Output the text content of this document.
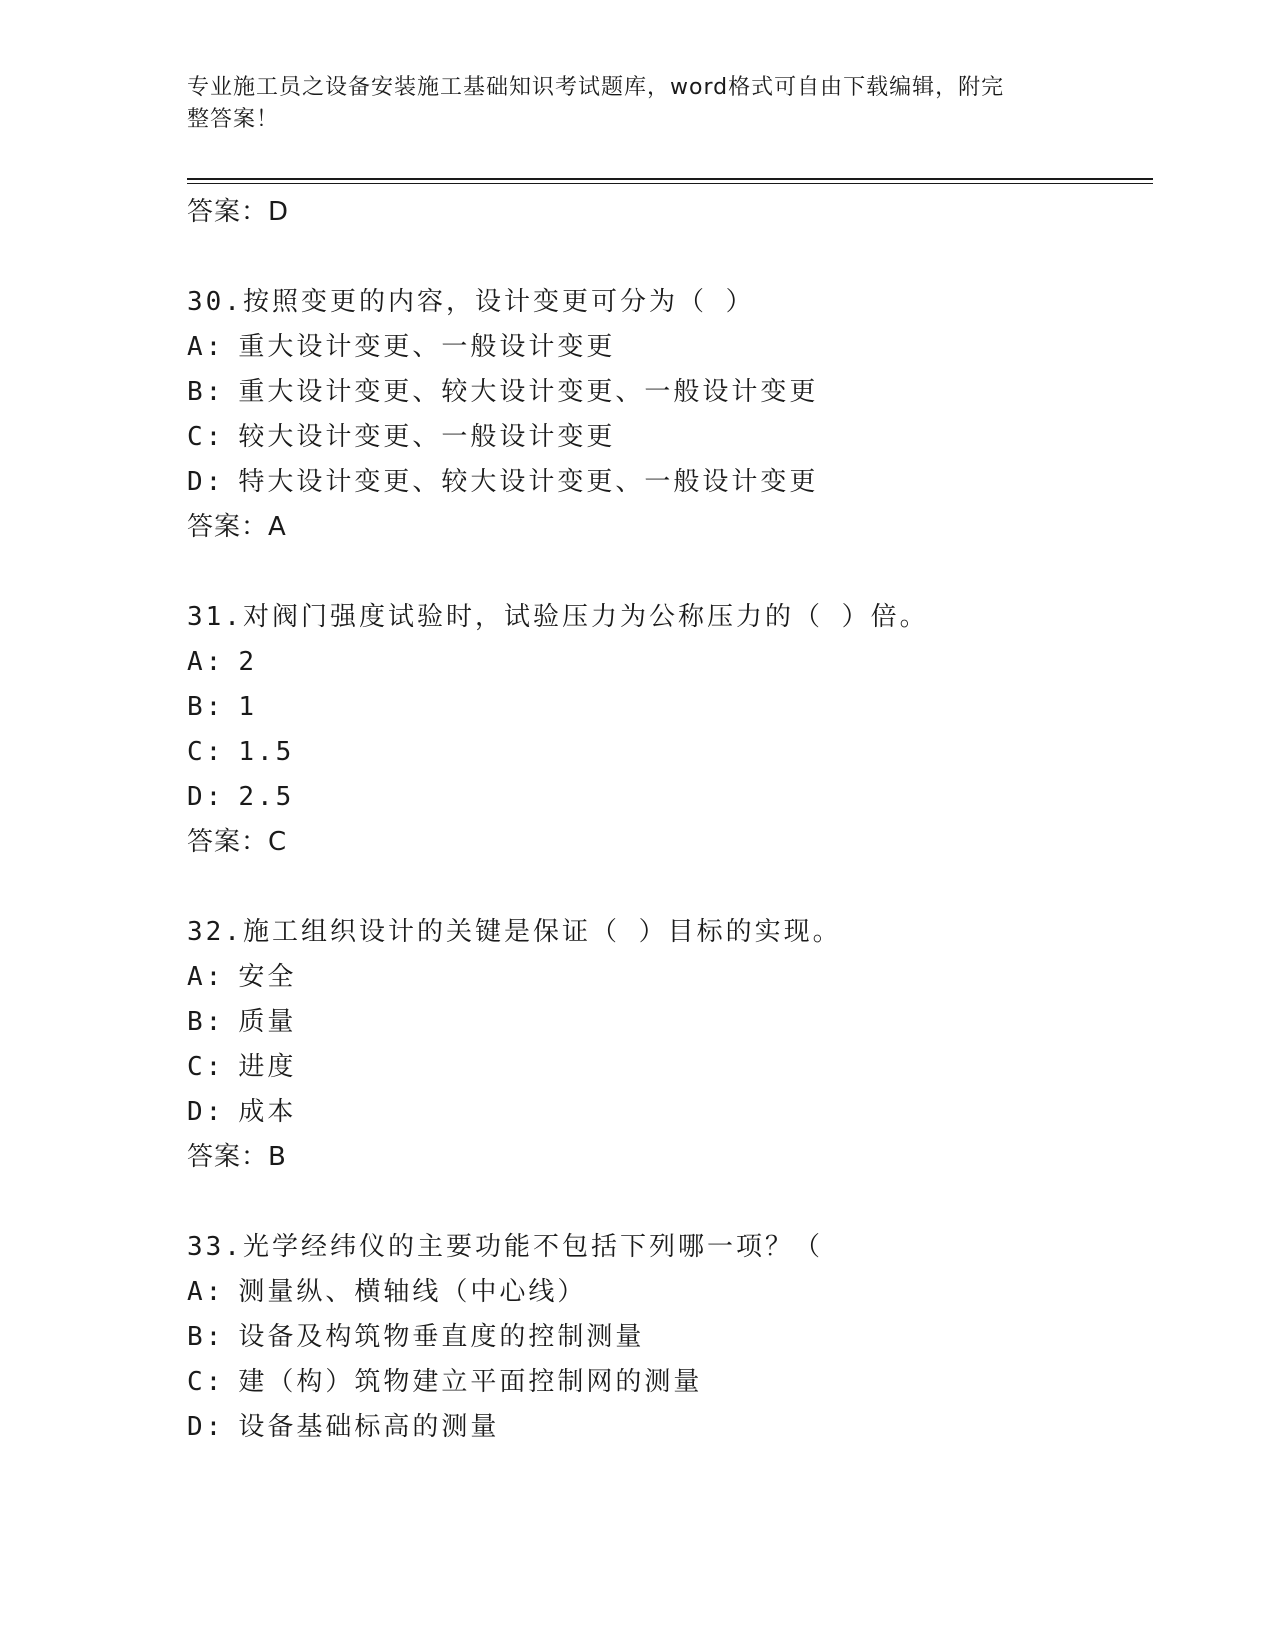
专业施工员之设备安装施工基础知识考试题库，word格式可自由下载编辑，附完
整答案！
答案：D
30.按照变更的内容，设计变更可分为（ ）
A: 重大设计变更、一般设计变更
B: 重大设计变更、较大设计变更、一般设计变更
C: 较大设计变更、一般设计变更
D: 特大设计变更、较大设计变更、一般设计变更
答案：A
31.对阀门强度试验时，试验压力为公称压力的（ ）倍。
A: 2
B: 1
C: 1.5
D: 2.5
答案：C
32.施工组织设计的关键是保证（ ）目标的实现。
A: 安全
B: 质量
C: 进度
D: 成本
答案：B
33.光学经纬仪的主要功能不包括下列哪一项？（
A: 测量纵、横轴线（中心线）
B: 设备及构筑物垂直度的控制测量
C: 建（构）筑物建立平面控制网的测量
D: 设备基础标高的测量
